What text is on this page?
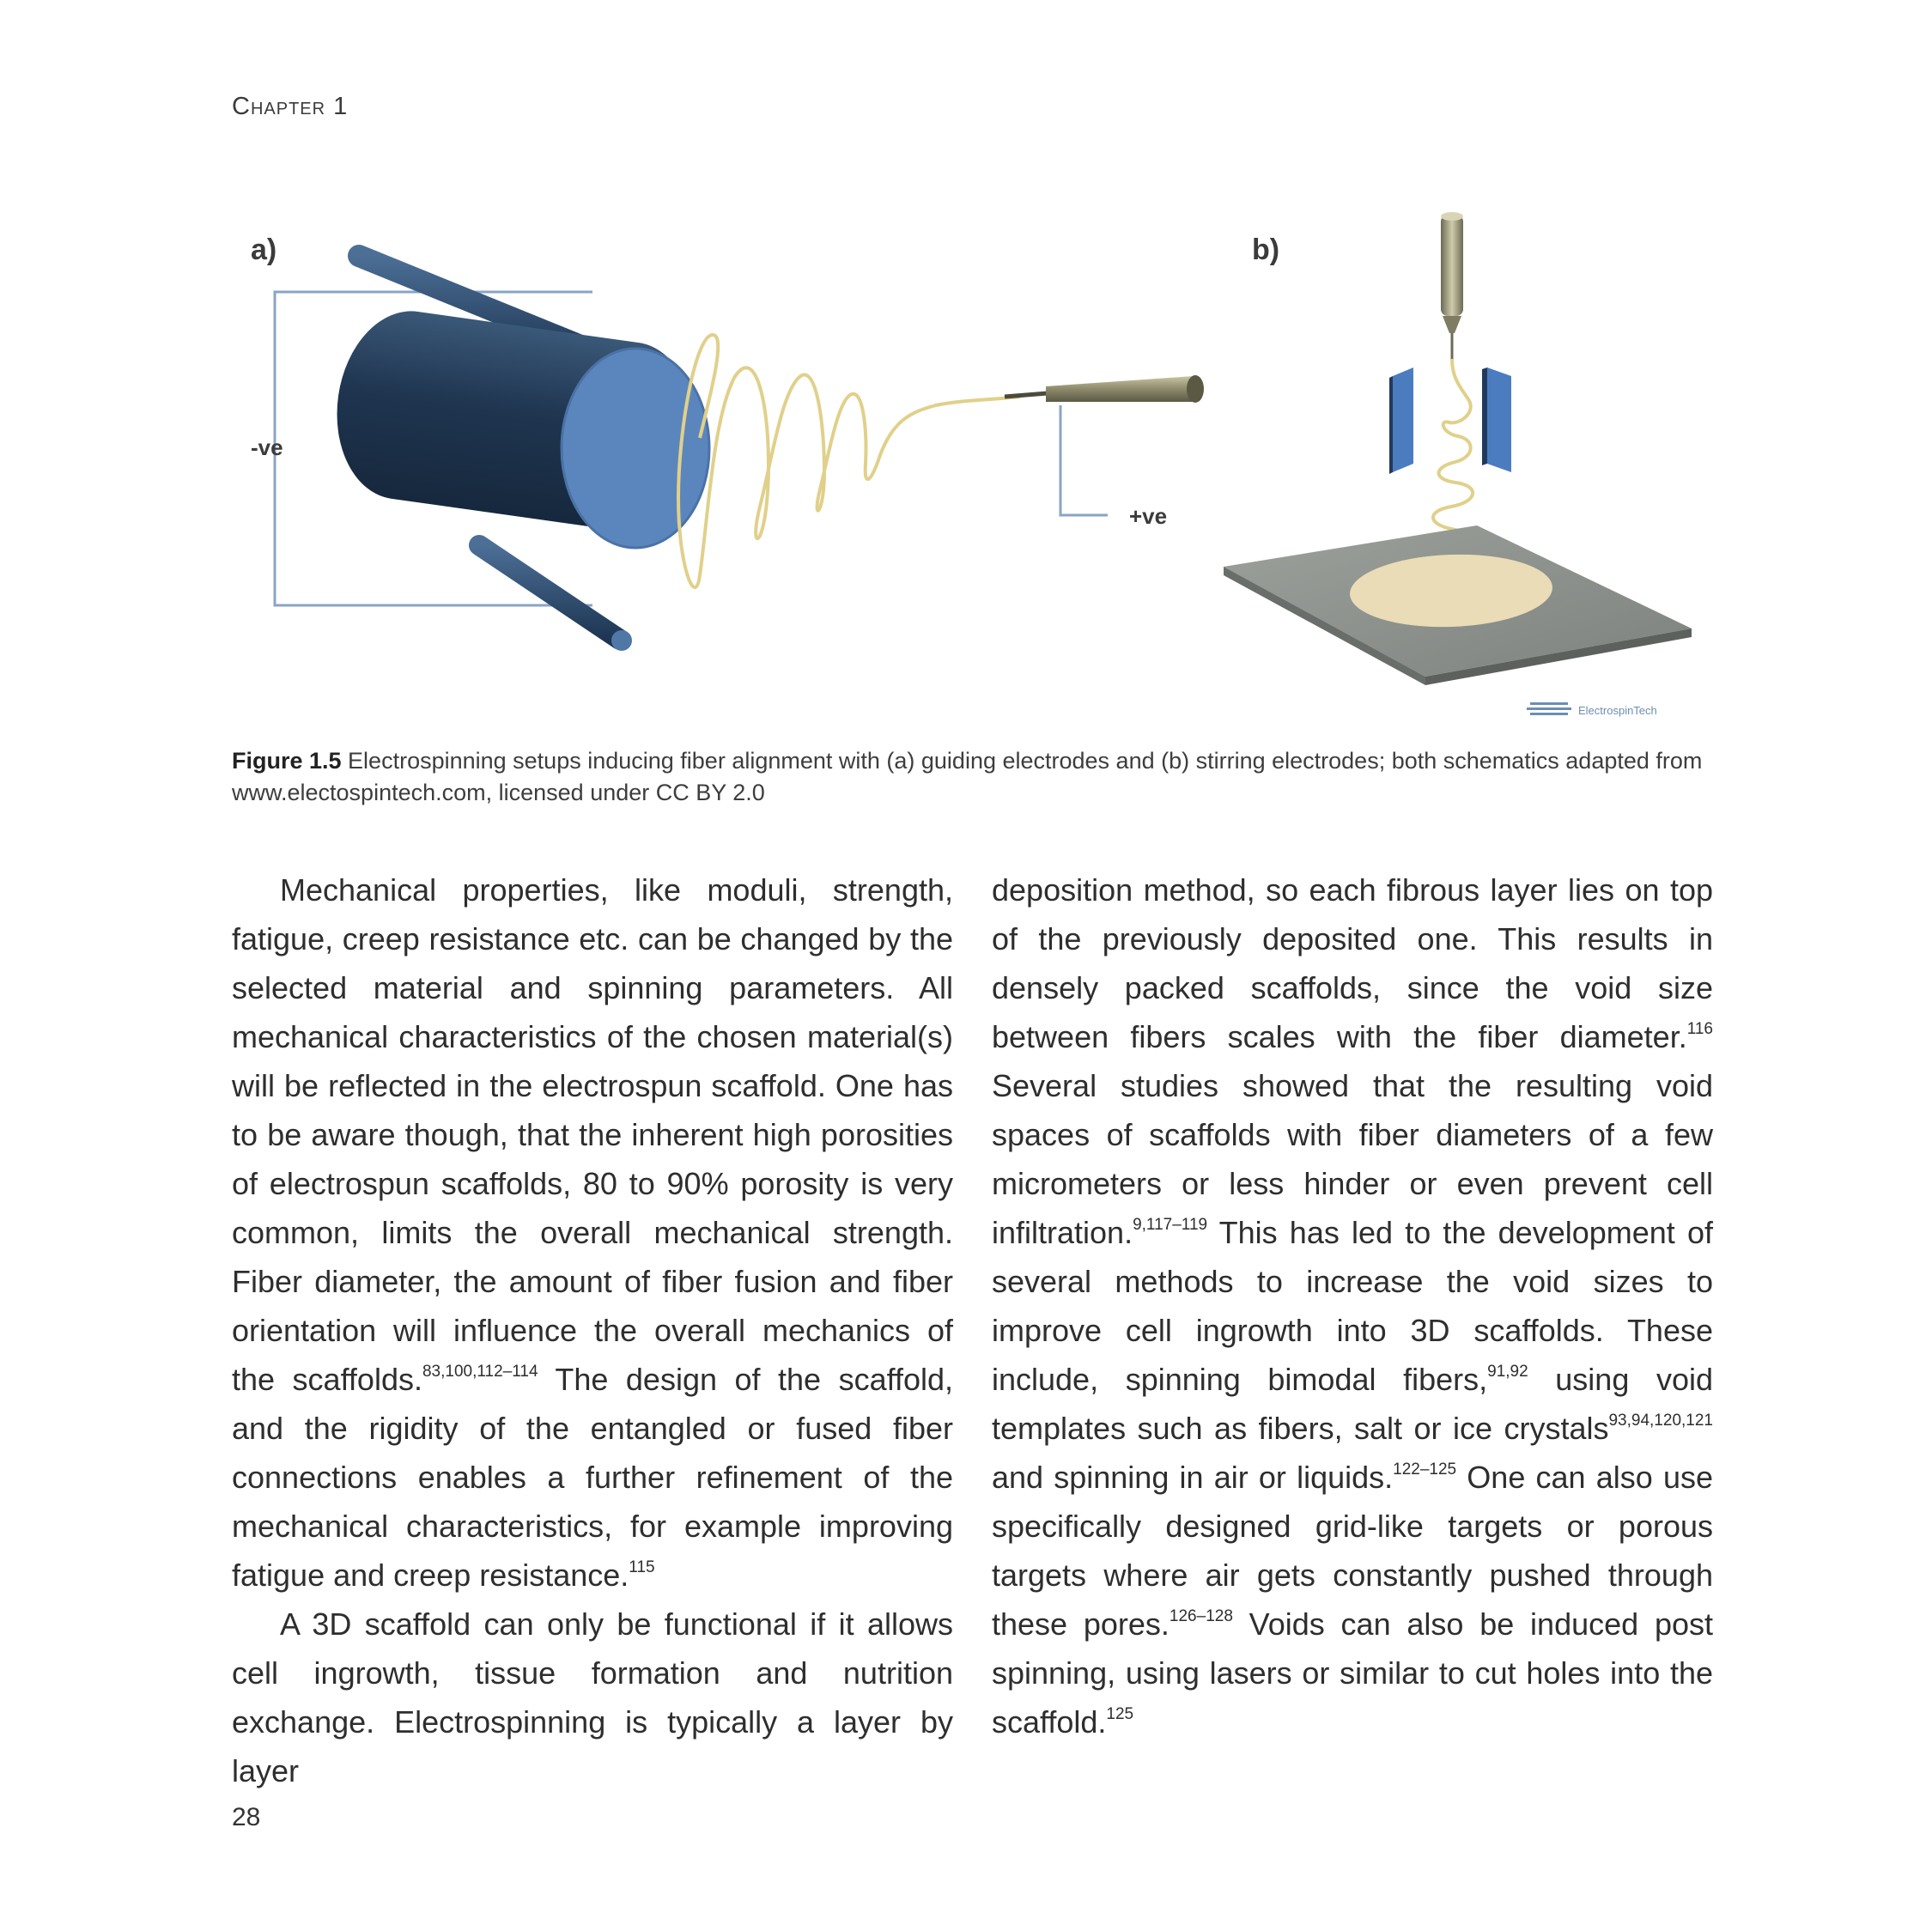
Chapter 1
a)	b)
-ve
+ve
ElectrospinTech
Figure 1.5 Electrospinning setups inducing fiber alignment with (a) guiding electrodes and (b) stirring electrodes; both schematics adapted from www.electospintech.com, licensed under CC BY 2.0

Mechanical properties, like moduli, strength, fatigue, creep resistance etc. can be changed by the selected material and spinning parameters. All mechanical characteristics of the chosen material(s) will be reflected in the electrospun scaffold. One has to be aware though, that the inherent high porosities of electrospun scaffolds, 80 to 90% porosity is very common, limits the overall mechanical strength. Fiber diameter, the amount of fiber fusion and fiber orientation will influence the overall mechanics of the scaffolds.$^{83,100,112-114}$ The design of the scaffold, and the rigidity of the entangled or fused fiber connections enables a further refinement of the mechanical characteristics, for example improving fatigue and creep resistance.$^{115}$

A 3D scaffold can only be functional if it allows cell ingrowth, tissue formation and nutrition exchange. Electrospinning is typically a layer by layer

deposition method, so each fibrous layer lies on top of the previously deposited one. This results in densely packed scaffolds, since the void size between fibers scales with the fiber diameter.$^{116}$ Several studies showed that the resulting void spaces of scaffolds with fiber diameters of a few micrometers or less hinder or even prevent cell infiltration.$^{9,117-119}$ This has led to the development of several methods to increase the void sizes to improve cell ingrowth into 3D scaffolds. These include, spinning bimodal fibers,$^{91,92}$ using void templates such as fibers, salt or ice crystals$^{93,94,120,121}$ and spinning in air or liquids.$^{122-125}$ One can also use specifically designed grid-like targets or porous targets where air gets constantly pushed through these pores.$^{126-128}$ Voids can also be induced post spinning, using lasers or similar to cut holes into the scaffold.$^{125}$

28
